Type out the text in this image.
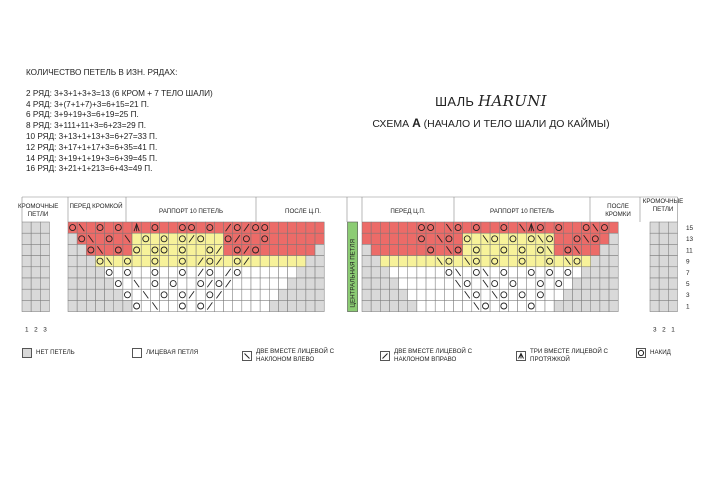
КОЛИЧЕСТВО ПЕТЕЛЬ В ИЗН. РЯДАХ:
2 РЯД: 3+3+1+3+3=13 (6 КРОМ + 7 ТЕЛО ШАЛИ)
4 РЯД: 3+(7+1+7)+3=6+15=21 П.
6 РЯД: 3+9+19+3=6+19=25 П.
8 РЯД: 3+111+11+3=6+23=29 П.
10 РЯД: 3+13+1+13+3=6+27=33 П.
12 РЯД: 3+17+1+17+3=6+35=41 П.
14 РЯД: 3+19+1+19+3=6+39=45 П.
16 РЯД: 3+21+1+213=6+43=49 П.
ШАЛЬ HARUNI
СХЕМА А (НАЧАЛО И ТЕЛО ШАЛИ ДО КАЙМЫ)
КРОМОЧНЫЕ ПЕТЛИ
ПЕРЕД КРОМКОЙ
РАППОРТ 10 ПЕТЕЛЬ	ПОСЛЕ Ц.П.	ПЕРЕД Ц.П.	РАППОРТ 10 ПЕТЕЛЬ
ПОСЛЕ КРОМКИ
КРОМОЧНЫЕ ПЕТЛИ
ЦЕНТРАЛЬНАЯ ПЕТЛЯ
15
13
11
9
7
5
3
1
1 2 3	3 2 1
НЕТ ПЕТЕЛЬ	ЛИЦЕВАЯ ПЕТЛЯ	ДВЕ ВМЕСТЕ ЛИЦЕВОЙ С НАКЛОНОМ ВЛЕВО
ДВЕ ВМЕСТЕ ЛИЦЕВОЙ С НАКЛОНОМ ВПРАВО
ТРИ ВМЕСТЕ ЛИЦЕВОЙ С ПРОТЯЖКОЙ
НАКИД
